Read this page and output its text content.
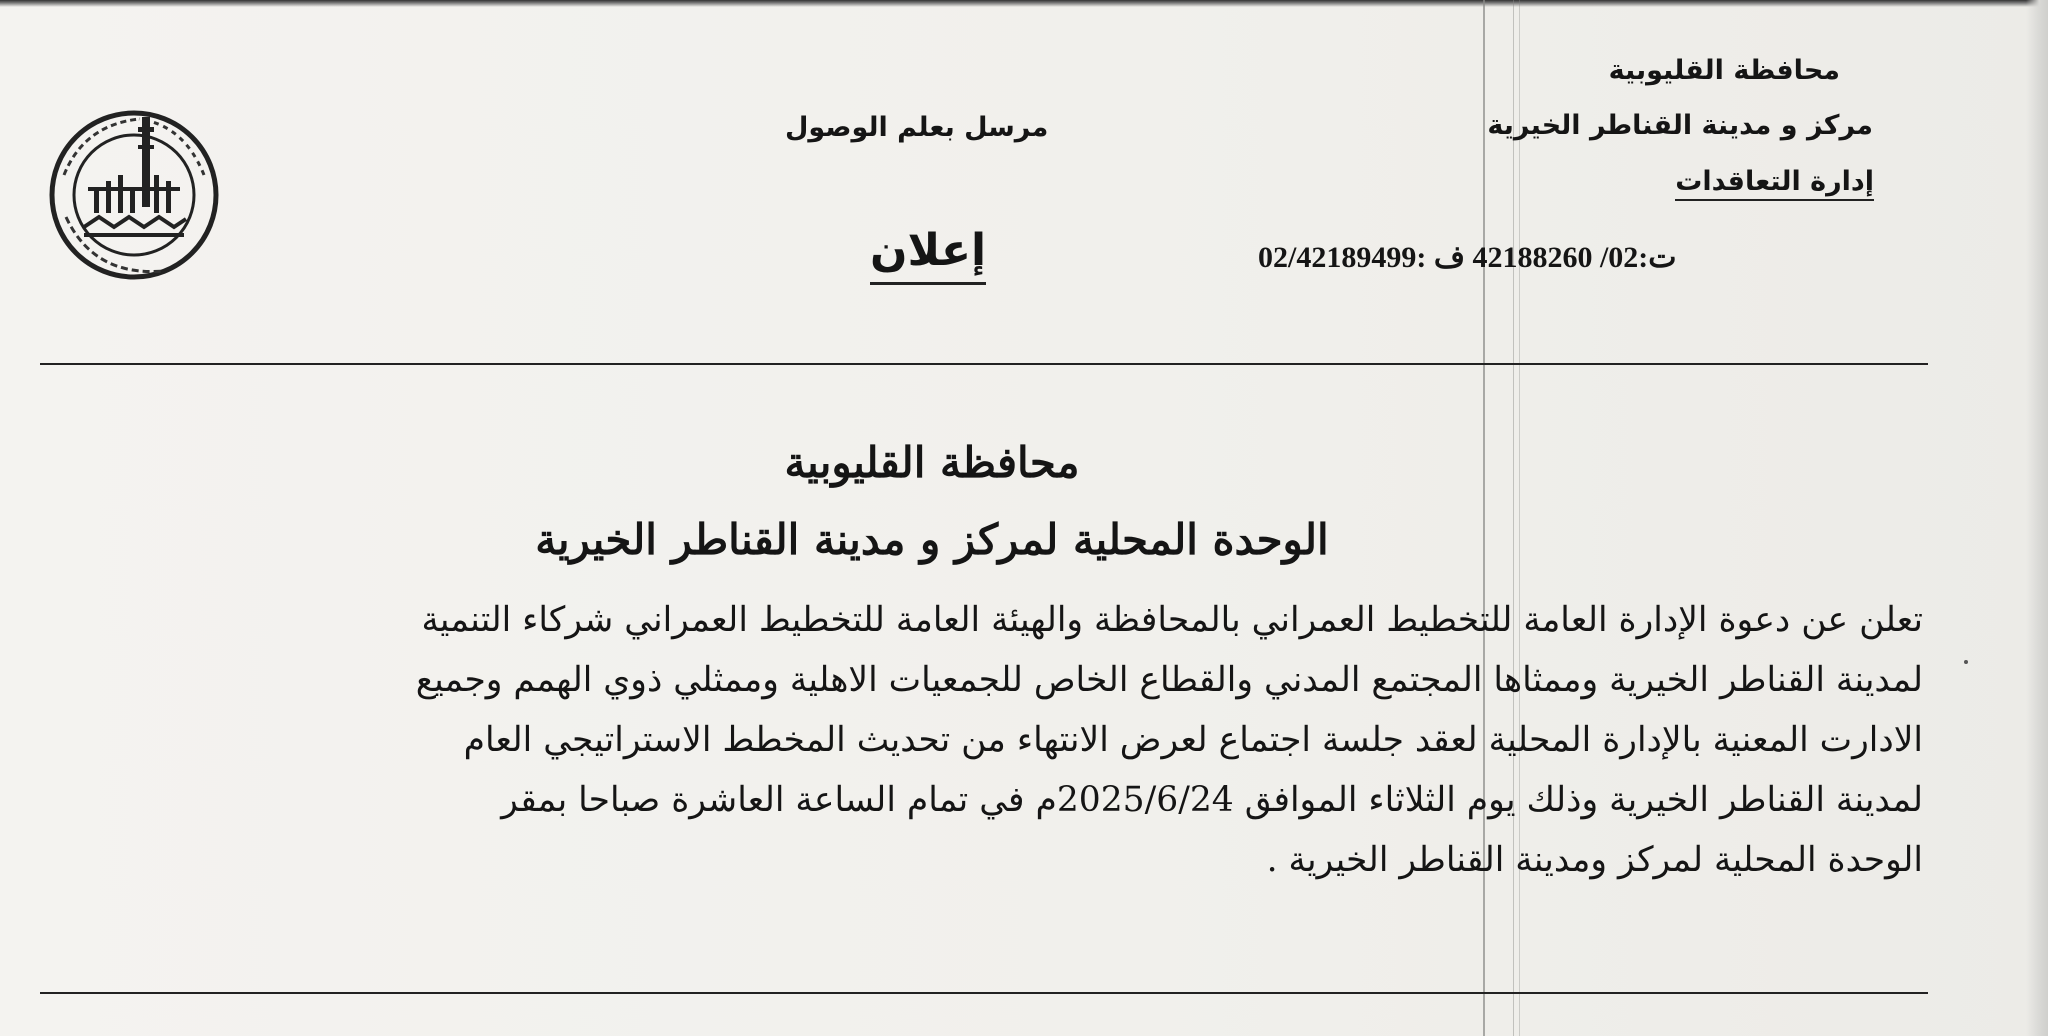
محافظة القليوبية
مركز و مدينة القناطر الخيرية
إدارة التعاقدات
ت:02/ 42188260 ف :02/42189499
مرسل بعلم الوصول
إعلان
محافظة القليوبية
الوحدة المحلية لمركز و مدينة القناطر الخيرية
تعلن عن دعوة الإدارة العامة للتخطيط العمراني بالمحافظة والهيئة العامة للتخطيط العمراني شركاء التنمية
لمدينة القناطر الخيرية وممثاها المجتمع المدني والقطاع الخاص للجمعيات الاهلية وممثلي ذوي الهمم وجميع
الادارت المعنية بالإدارة المحلية لعقد جلسة اجتماع لعرض الانتهاء من تحديث المخطط الاستراتيجي العام
لمدينة القناطر الخيرية وذلك يوم الثلاثاء الموافق 2025/6/24م في تمام الساعة العاشرة صباحا بمقر
الوحدة المحلية لمركز ومدينة القناطر الخيرية .
